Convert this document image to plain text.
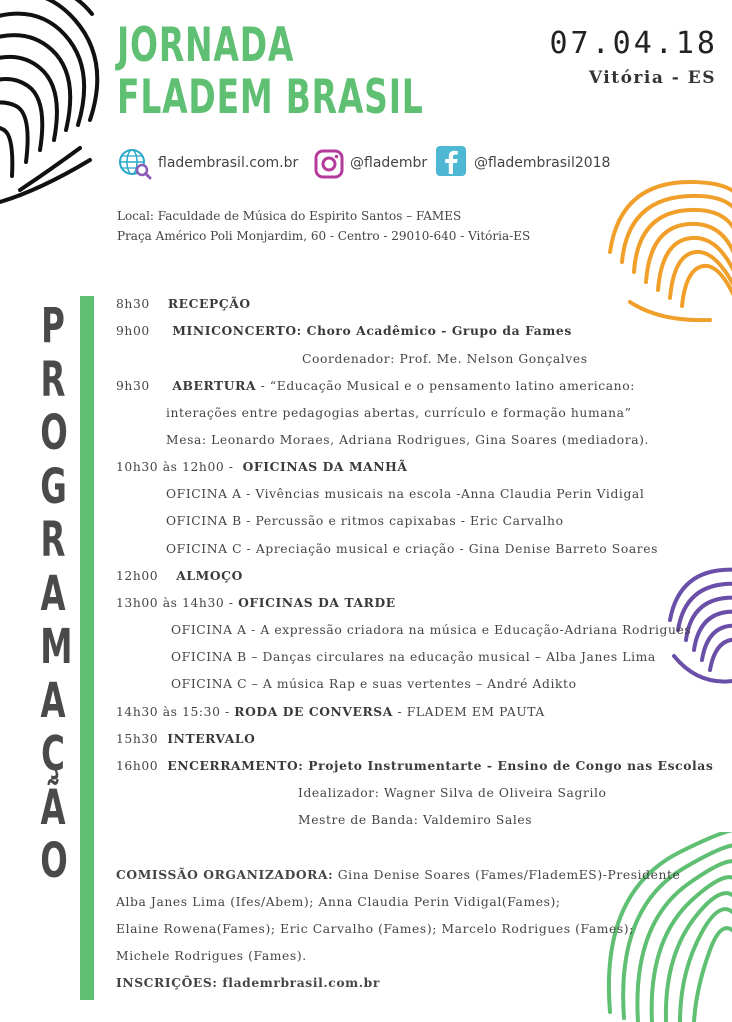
JORNADA
FLADEM BRASIL
07.04.18
Vitória - ES
fladembrasil.com.br	@fladembr	@fladembrasil2018
Local: Faculdade de Música do Espirito Santos – FAMES
Praça Américo Poli Monjardim, 60 - Centro - 29010-640 - Vitória-ES
P
R
O
G
R
A
M
A
Ç
Ã
O
8h30 RECEPÇÃO
9h00 MINICONCERTO: Choro Acadêmico - Grupo da Fames
Coordenador: Prof. Me. Nelson Gonçalves
9h30 ABERTURA - “Educação Musical e o pensamento latino americano:
interações entre pedagogias abertas, currículo e formação humana”
Mesa: Leonardo Moraes, Adriana Rodrigues, Gina Soares (mediadora).
10h30 às 12h00 - OFICINAS DA MANHÃ
OFICINA A - Vivências musicais na escola -Anna Claudia Perin Vidigal
OFICINA B - Percussão e ritmos capixabas - Eric Carvalho
OFICINA C - Apreciação musical e criação - Gina Denise Barreto Soares
12h00 ALMOÇO
13h00 às 14h30 - OFICINAS DA TARDE
OFICINA A - A expressão criadora na música e Educação-Adriana Rodrigues
OFICINA B – Danças circulares na educação musical – Alba Janes Lima
OFICINA C – A música Rap e suas vertentes – André Adikto
14h30 às 15:30 - RODA DE CONVERSA - FLADEM EM PAUTA
15h30 INTERVALO
16h00 ENCERRAMENTO: Projeto Instrumentarte - Ensino de Congo nas Escolas
Idealizador: Wagner Silva de Oliveira Sagrilo
Mestre de Banda: Valdemiro Sales
COMISSÃO ORGANIZADORA: Gina Denise Soares (Fames/FlademES)-Presidente
Alba Janes Lima (Ifes/Abem); Anna Claudia Perin Vidigal(Fames);
Elaine Rowena(Fames); Eric Carvalho (Fames); Marcelo Rodrigues (Fames);
Michele Rodrigues (Fames).
INSCRIÇÕES: flademrbrasil.com.br
